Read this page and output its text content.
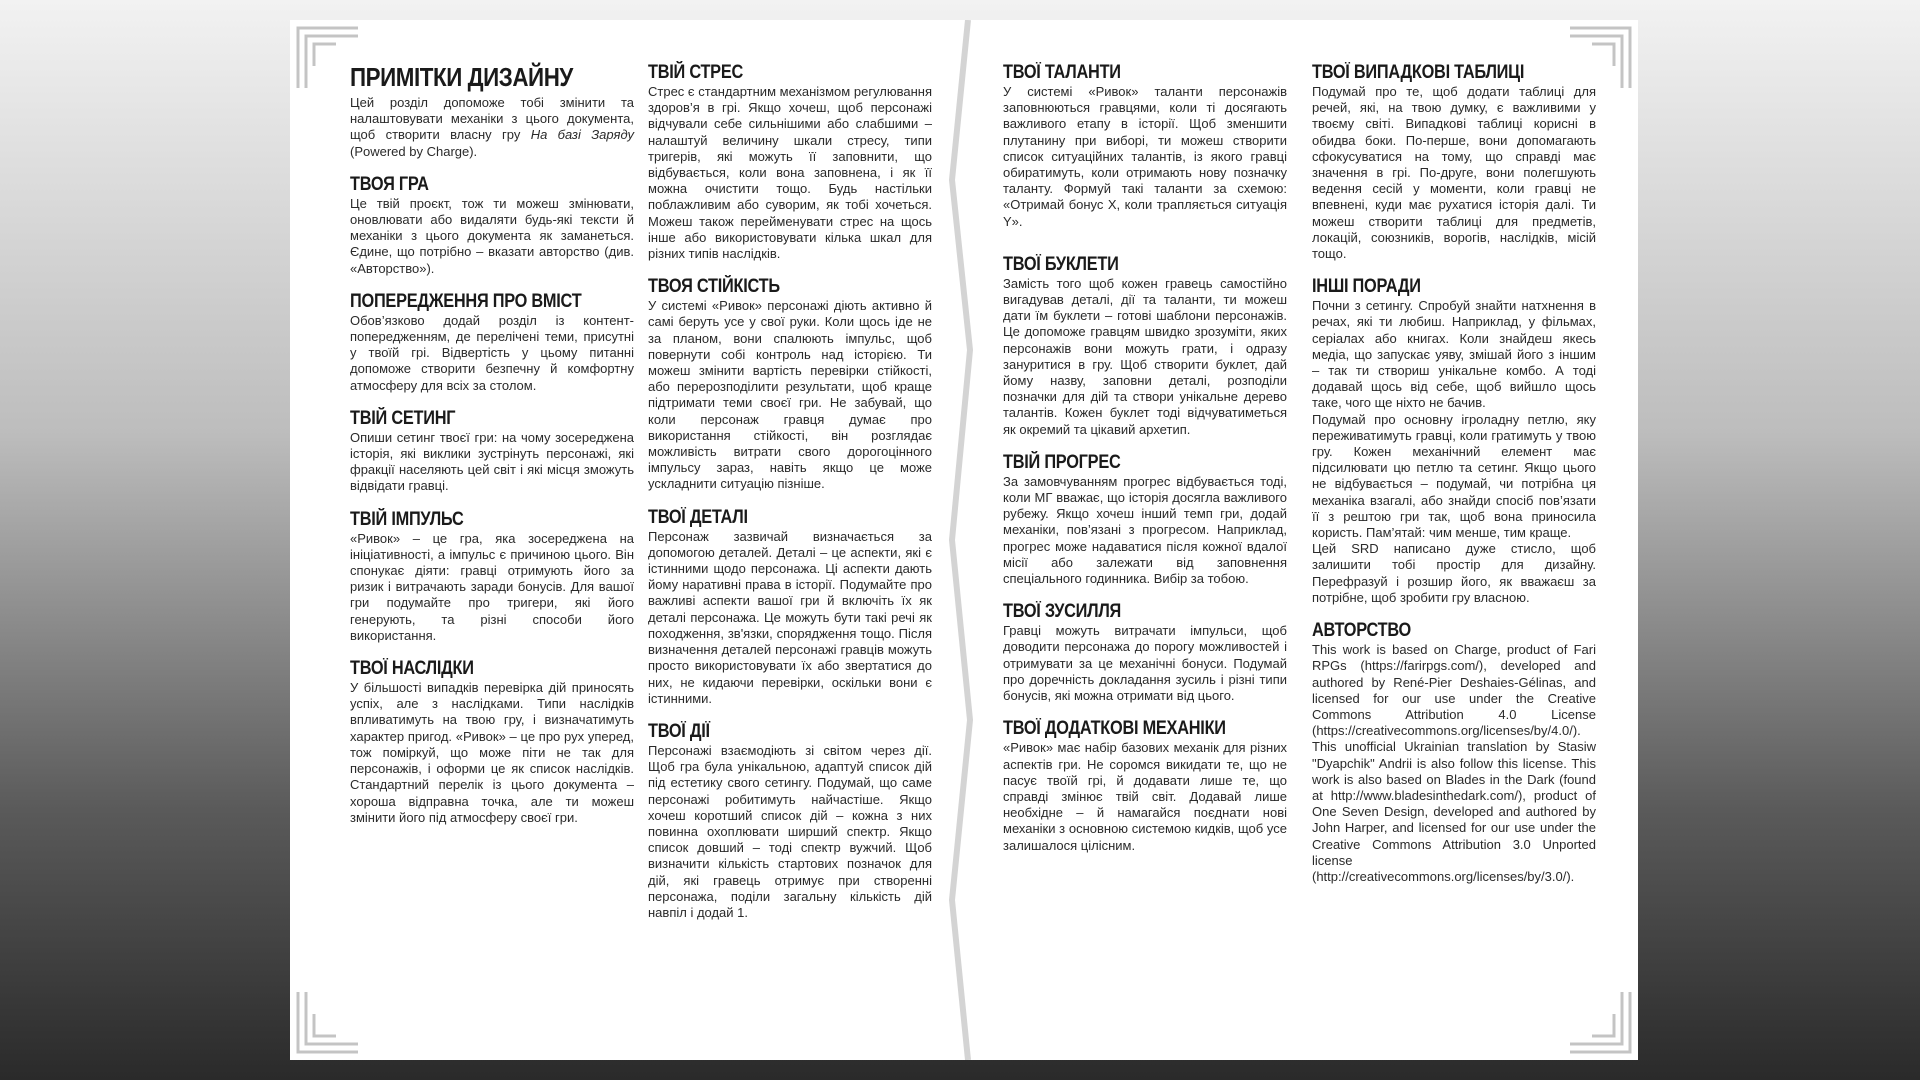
ПРИМІТКИ ДИЗАЙНУ

Цей розділ допоможе тобі змінити та налаштовувати механіки з цього документа, щоб створити власну гру На базі Заряду (Powered by Charge).

ТВОЯ ГРА

Це твій проєкт, тож ти можеш змінювати, оновлювати або видаляти будь-які тексти й механіки з цього документа як заманеться. Єдине, що потрібно – вказати авторство (див. «Авторство»).

ПОПЕРЕДЖЕННЯ ПРО ВМІСТ

Обов’язково додай розділ із контент-попередженням, де перелічені теми, присутні у твоїй грі. Відвертість у цьому питанні допоможе створити безпечну й комфортну атмосферу для всіх за столом.

ТВІЙ СЕТИНГ

Опиши сетинг твоєї гри: на чому зосереджена історія, які виклики зустрінуть персонажі, які фракції населяють цей світ і які місця зможуть відвідати гравці.

ТВІЙ ІМПУЛЬС

«Ривок» – це гра, яка зосереджена на ініціативності, а імпульс є причиною цього. Він спонукає діяти: гравці отримують його за ризик і витрачають заради бонусів. Для вашої гри подумайте про тригери, які його генерують, та різні способи його використання.

ТВОЇ НАСЛІДКИ

У більшості випадків перевірка дій приносять успіх, але з наслідками. Типи наслідків впливатимуть на твою гру, і визначатимуть характер пригод. «Ривок» – це про рух уперед, тож поміркуй, що може піти не так для персонажів, і оформи це як список наслідків. Стандартний перелік із цього документа – хороша відправна точка, але ти можеш змінити його під атмосферу своєї гри.

ТВІЙ СТРЕС

Стрес є стандартним механізмом регулювання здоров’я в грі. Якщо хочеш, щоб персонажі відчували себе сильнішими або слабшими – налаштуй величину шкали стресу, типи тригерів, які можуть її заповнити, що відбувається, коли вона заповнена, і як її можна очистити тощо. Будь настільки поблажливим або суворим, як тобі хочеться. Можеш також перейменувати стрес на щось інше або використовувати кілька шкал для різних типів наслідків.

ТВОЯ СТІЙКІСТЬ

У системі «Ривок» персонажі діють активно й самі беруть усе у свої руки. Коли щось іде не за планом, вони спалюють імпульс, щоб повернути собі контроль над історією. Ти можеш змінити вартість перевірки стійкості, або перерозподілити результати, щоб краще підтримати теми своєї гри. Не забувай, що коли персонаж гравця думає про використання стійкості, він розглядає можливість витрати свого дорогоцінного імпульсу зараз, навіть якщо це може ускладнити ситуацію пізніше.

ТВОЇ ДЕТАЛІ

Персонаж зазвичай визначається за допомогою деталей. Деталі – це аспекти, які є істинними щодо персонажа. Ці аспекти дають йому наративні права в історії. Подумайте про важливі аспекти вашої гри й включіть їх як деталі персонажа. Це можуть бути такі речі як походження, зв'язки, спорядження тощо. Після визначення деталей персонажі гравців можуть просто використовувати їх або звертатися до них, не кидаючи перевірки, оскільки вони є істинними.

ТВОЇ ДІЇ

Персонажі взаємодіють зі світом через дії. Щоб гра була унікальною, адаптуй список дій під естетику свого сетингу. Подумай, що саме персонажі робитимуть найчастіше. Якщо хочеш коротший список дій – кожна з них повинна охоплювати ширший спектр. Якщо список довший – тоді спектр вужчий. Щоб визначити кількість стартових позначок для дій, які гравець отримує при створенні персонажа, поділи загальну кількість дій навпіл і додай 1.

ТВОЇ ТАЛАНТИ

У системі «Ривок» таланти персонажів заповнюються гравцями, коли ті досягають важливого етапу в історії. Щоб зменшити плутанину при виборі, ти можеш створити список ситуаційних талантів, із якого гравці обиратимуть, коли отримають нову позначку таланту. Формуй такі таланти за схемою: «Отримай бонус X, коли трапляється ситуація Y».

ТВОЇ БУКЛЕТИ

Замість того щоб кожен гравець самостійно вигадував деталі, дії та таланти, ти можеш дати їм буклети – готові шаблони персонажів. Це допоможе гравцям швидко зрозуміти, яких персонажів вони можуть грати, і одразу зануритися в гру. Щоб створити буклет, дай йому назву, заповни деталі, розподіли позначки для дій та створи унікальне дерево талантів. Кожен буклет тоді відчуватиметься як окремий та цікавий архетип.

ТВІЙ ПРОГРЕС

За замовчуванням прогрес відбувається тоді, коли МГ вважає, що історія досягла важливого рубежу. Якщо хочеш інший темп гри, додай механіки, пов’язані з прогресом. Наприклад, прогрес може надаватися після кожної вдалої місії або залежати від заповнення спеціального годинника. Вибір за тобою.

ТВОЇ ЗУСИЛЛЯ

Гравці можуть витрачати імпульси, щоб доводити персонажа до порогу можливостей і отримувати за це механічні бонуси. Подумай про доречність докладання зусиль і різні типи бонусів, які можна отримати від цього.

ТВОЇ ДОДАТКОВІ МЕХАНІКИ

«Ривок» має набір базових механік для різних аспектів гри. Не соромся викидати те, що не пасує твоїй грі, й додавати лише те, що справді змінює твій світ. Додавай лише необхідне – й намагайся поєднати нові механіки з основною системою кидків, щоб усе залишалося цілісним.

ТВОЇ ВИПАДКОВІ ТАБЛИЦІ

Подумай про те, щоб додати таблиці для речей, які, на твою думку, є важливими у твоєму світі. Випадкові таблиці корисні в обидва боки. По-перше, вони допомагають сфокусуватися на тому, що справді має значення в грі. По-друге, вони полегшують ведення сесій у моменти, коли гравці не впевнені, куди має рухатися історія далі. Ти можеш створити таблиці для предметів, локацій, союзників, ворогів, наслідків, місій тощо.

ІНШІ ПОРАДИ

Почни з сетингу. Спробуй знайти натхнення в речах, які ти любиш. Наприклад, у фільмах, серіалах або книгах. Коли знайдеш якесь медіа, що запускає уяву, змішай його з іншим – так ти створиш унікальне комбо. А тоді додавай щось від себе, щоб вийшло щось таке, чого ще ніхто не бачив.

Подумай про основну ігроладну петлю, яку переживатимуть гравці, коли гратимуть у твою гру. Кожен механічний елемент має підсилювати цю петлю та сетинг. Якщо цього не відбувається – подумай, чи потрібна ця механіка взагалі, або знайди спосіб пов’язати її з рештою гри так, щоб вона приносила користь. Пам’ятай: чим менше, тим краще.

Цей SRD написано дуже стисло, щоб залишити тобі простір для дизайну. Перефразуй і розшир його, як вважаєш за потрібне, щоб зробити гру власною.

АВТОРСТВО

This work is based on Charge, product of Fari RPGs (https://farirpgs.com/), developed and authored by René-Pier Deshaies-Gélinas, and licensed for our use under the Creative Commons Attribution 4.0 License (https://creativecommons.org/licenses/by/4.0/). This unofficial Ukrainian translation by Stasiw "Dyapchik" Andrii is also follow this license. This work is also based on Blades in the Dark (found at http://www.bladesinthedark.com/), product of One Seven Design, developed and authored by John Harper, and licensed for our use under the Creative Commons Attribution 3.0 Unported license (http://creativecommons.org/licenses/by/3.0/).
